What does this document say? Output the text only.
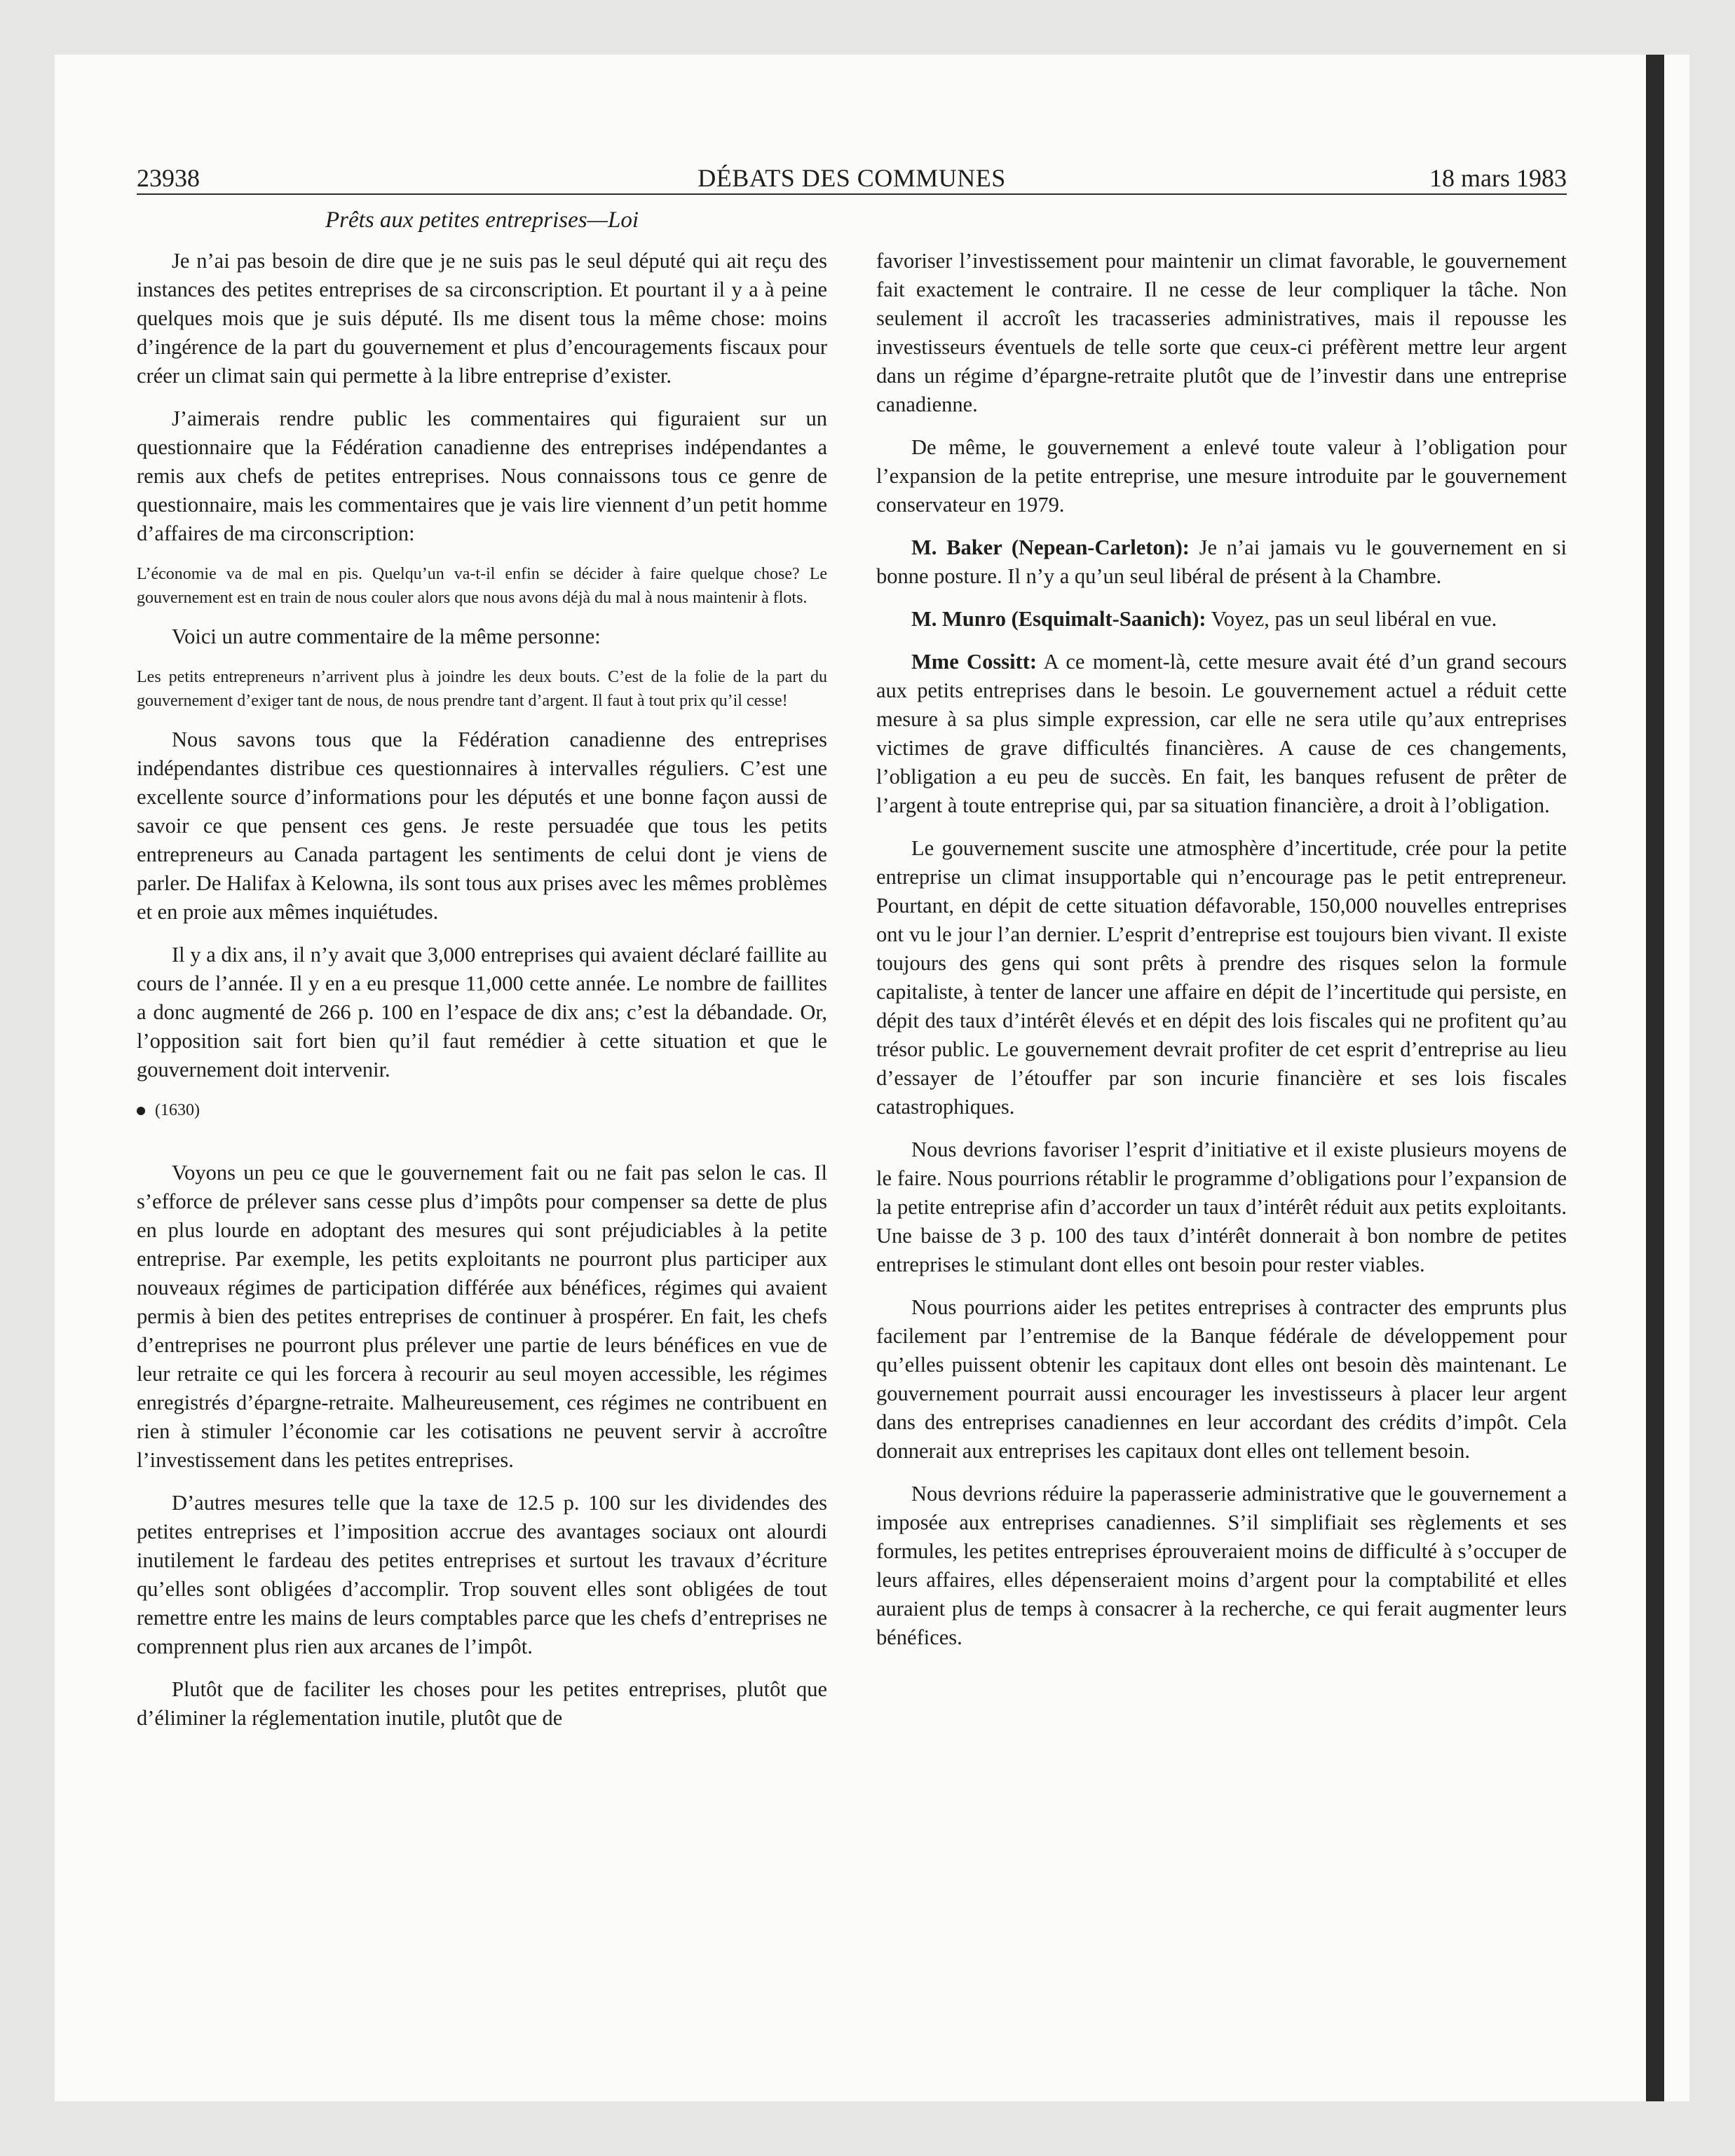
23938	DÉBATS DES COMMUNES	18 mars 1983
Prêts aux petites entreprises—Loi

Je n’ai pas besoin de dire que je ne suis pas le seul député qui ait reçu des instances des petites entreprises de sa circonscription. Et pourtant il y a à peine quelques mois que je suis député. Ils me disent tous la même chose: moins d’ingérence de la part du gouvernement et plus d’encouragements fiscaux pour créer un climat sain qui permette à la libre entreprise d’exister.

J’aimerais rendre public les commentaires qui figuraient sur un questionnaire que la Fédération canadienne des entreprises indépendantes a remis aux chefs de petites entreprises. Nous connaissons tous ce genre de questionnaire, mais les commentaires que je vais lire viennent d’un petit homme d’affaires de ma circonscription:

L’économie va de mal en pis. Quelqu’un va-t-il enfin se décider à faire quelque chose? Le gouvernement est en train de nous couler alors que nous avons déjà du mal à nous maintenir à flots.

Voici un autre commentaire de la même personne:

Les petits entrepreneurs n’arrivent plus à joindre les deux bouts. C’est de la folie de la part du gouvernement d’exiger tant de nous, de nous prendre tant d’argent. Il faut à tout prix qu’il cesse!

Nous savons tous que la Fédération canadienne des entreprises indépendantes distribue ces questionnaires à intervalles réguliers. C’est une excellente source d’informations pour les députés et une bonne façon aussi de savoir ce que pensent ces gens. Je reste persuadée que tous les petits entrepreneurs au Canada partagent les sentiments de celui dont je viens de parler. De Halifax à Kelowna, ils sont tous aux prises avec les mêmes problèmes et en proie aux mêmes inquiétudes.

Il y a dix ans, il n’y avait que 3,000 entreprises qui avaient déclaré faillite au cours de l’année. Il y en a eu presque 11,000 cette année. Le nombre de faillites a donc augmenté de 266 p. 100 en l’espace de dix ans; c’est la débandade. Or, l’opposition sait fort bien qu’il faut remédier à cette situation et que le gouvernement doit intervenir.

(1630)

Voyons un peu ce que le gouvernement fait ou ne fait pas selon le cas. Il s’efforce de prélever sans cesse plus d’impôts pour compenser sa dette de plus en plus lourde en adoptant des mesures qui sont préjudiciables à la petite entreprise. Par exemple, les petits exploitants ne pourront plus participer aux nouveaux régimes de participation différée aux bénéfices, régimes qui avaient permis à bien des petites entreprises de continuer à prospérer. En fait, les chefs d’entreprises ne pourront plus prélever une partie de leurs bénéfices en vue de leur retraite ce qui les forcera à recourir au seul moyen accessible, les régimes enregistrés d’épargne-retraite. Malheureusement, ces régimes ne contribuent en rien à stimuler l’économie car les cotisations ne peuvent servir à accroître l’investissement dans les petites entreprises.

D’autres mesures telle que la taxe de 12.5 p. 100 sur les dividendes des petites entreprises et l’imposition accrue des avantages sociaux ont alourdi inutilement le fardeau des petites entreprises et surtout les travaux d’écriture qu’elles sont obligées d’accomplir. Trop souvent elles sont obligées de tout remettre entre les mains de leurs comptables parce que les chefs d’entreprises ne comprennent plus rien aux arcanes de l’impôt.

Plutôt que de faciliter les choses pour les petites entreprises, plutôt que d’éliminer la réglementation inutile, plutôt que de

favoriser l’investissement pour maintenir un climat favorable, le gouvernement fait exactement le contraire. Il ne cesse de leur compliquer la tâche. Non seulement il accroît les tracasseries administratives, mais il repousse les investisseurs éventuels de telle sorte que ceux-ci préfèrent mettre leur argent dans un régime d’épargne-retraite plutôt que de l’investir dans une entreprise canadienne.

De même, le gouvernement a enlevé toute valeur à l’obligation pour l’expansion de la petite entreprise, une mesure introduite par le gouvernement conservateur en 1979.

M. Baker (Nepean-Carleton): Je n’ai jamais vu le gouvernement en si bonne posture. Il n’y a qu’un seul libéral de présent à la Chambre.

M. Munro (Esquimalt-Saanich): Voyez, pas un seul libéral en vue.

Mme Cossitt: A ce moment-là, cette mesure avait été d’un grand secours aux petits entreprises dans le besoin. Le gouvernement actuel a réduit cette mesure à sa plus simple expression, car elle ne sera utile qu’aux entreprises victimes de grave difficultés financières. A cause de ces changements, l’obligation a eu peu de succès. En fait, les banques refusent de prêter de l’argent à toute entreprise qui, par sa situation financière, a droit à l’obligation.

Le gouvernement suscite une atmosphère d’incertitude, crée pour la petite entreprise un climat insupportable qui n’encourage pas le petit entrepreneur. Pourtant, en dépit de cette situation défavorable, 150,000 nouvelles entreprises ont vu le jour l’an dernier. L’esprit d’entreprise est toujours bien vivant. Il existe toujours des gens qui sont prêts à prendre des risques selon la formule capitaliste, à tenter de lancer une affaire en dépit de l’incertitude qui persiste, en dépit des taux d’intérêt élevés et en dépit des lois fiscales qui ne profitent qu’au trésor public. Le gouvernement devrait profiter de cet esprit d’entreprise au lieu d’essayer de l’étouffer par son incurie financière et ses lois fiscales catastrophiques.

Nous devrions favoriser l’esprit d’initiative et il existe plusieurs moyens de le faire. Nous pourrions rétablir le programme d’obligations pour l’expansion de la petite entreprise afin d’accorder un taux d’intérêt réduit aux petits exploitants. Une baisse de 3 p. 100 des taux d’intérêt donnerait à bon nombre de petites entreprises le stimulant dont elles ont besoin pour rester viables.

Nous pourrions aider les petites entreprises à contracter des emprunts plus facilement par l’entremise de la Banque fédérale de développement pour qu’elles puissent obtenir les capitaux dont elles ont besoin dès maintenant. Le gouvernement pourrait aussi encourager les investisseurs à placer leur argent dans des entreprises canadiennes en leur accordant des crédits d’impôt. Cela donnerait aux entreprises les capitaux dont elles ont tellement besoin.

Nous devrions réduire la paperasserie administrative que le gouvernement a imposée aux entreprises canadiennes. S’il simplifiait ses règlements et ses formules, les petites entreprises éprouveraient moins de difficulté à s’occuper de leurs affaires, elles dépenseraient moins d’argent pour la comptabilité et elles auraient plus de temps à consacrer à la recherche, ce qui ferait augmenter leurs bénéfices.
